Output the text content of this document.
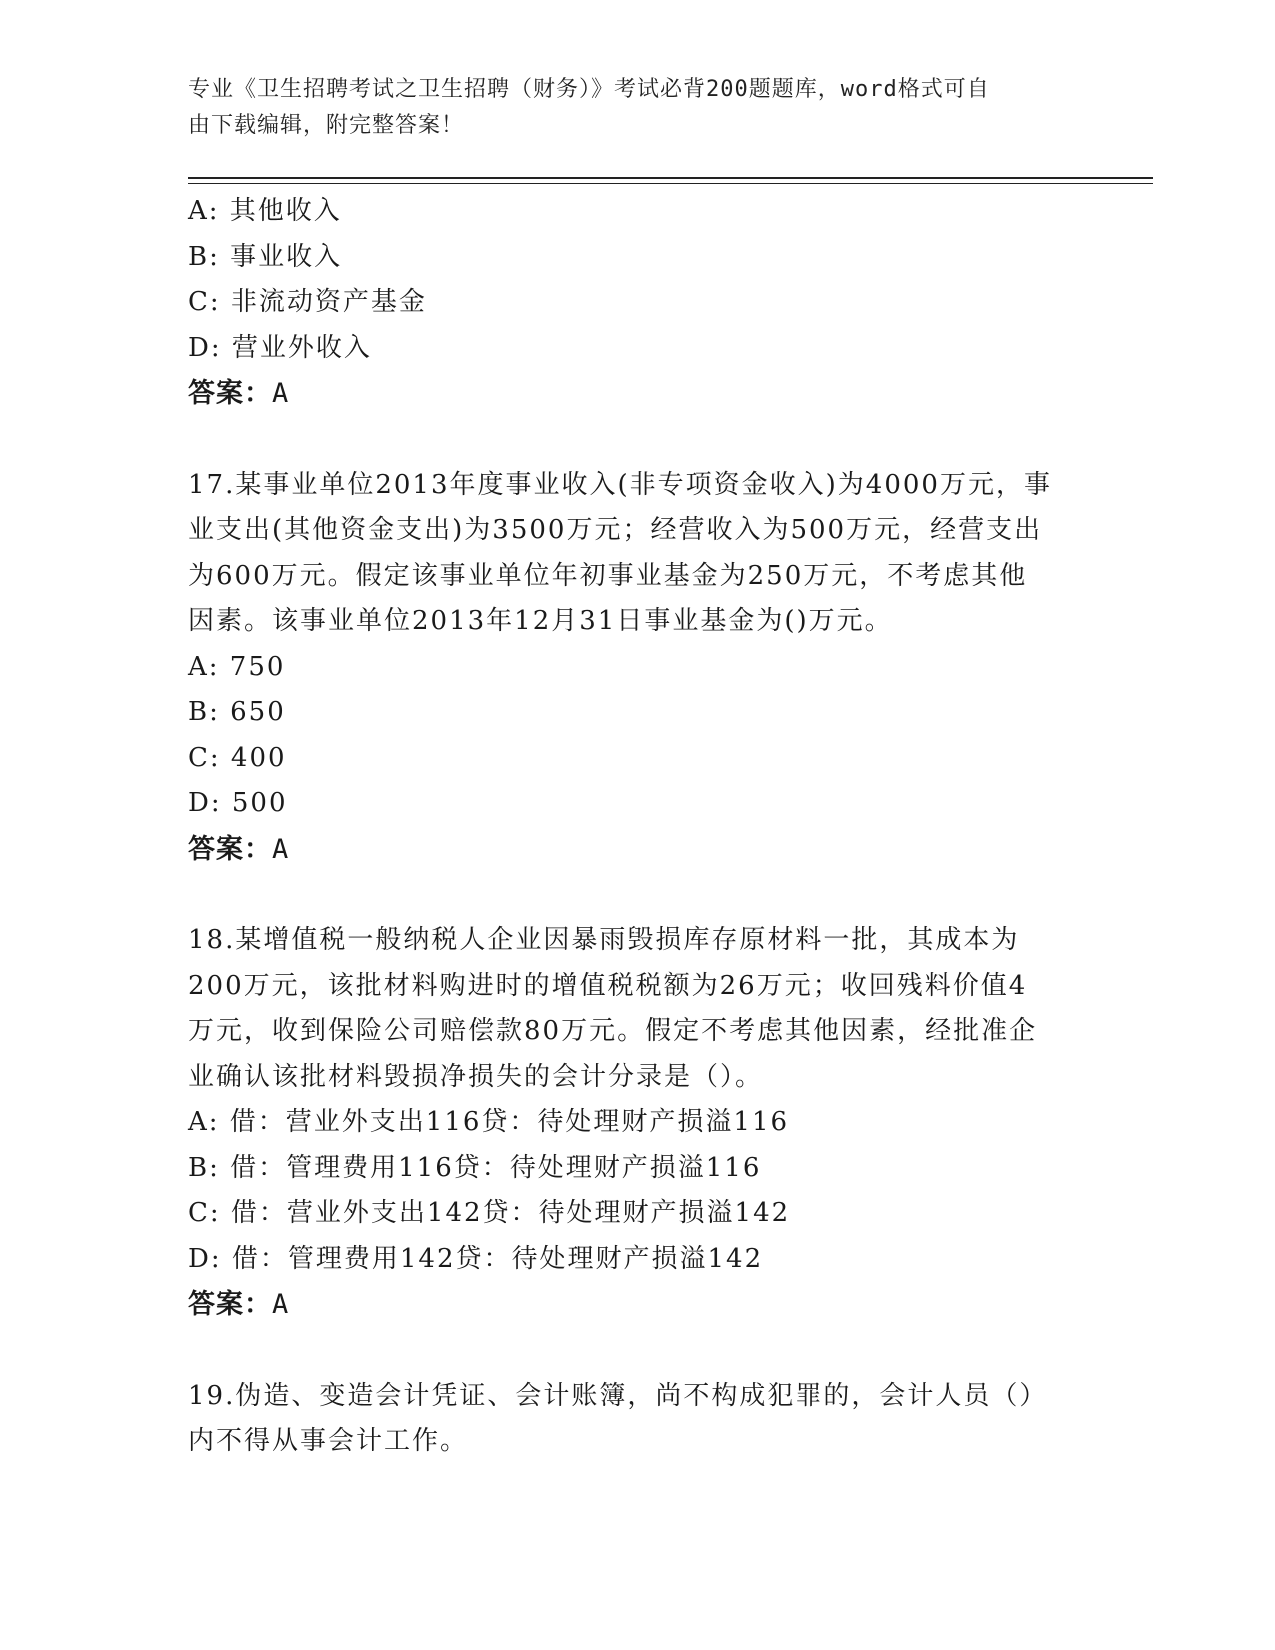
专业《卫生招聘考试之卫生招聘（财务）》考试必背200题题库，word格式可自
由下载编辑，附完整答案！
A: 其他收入
B: 事业收入
C: 非流动资产基金
D: 营业外收入
答案：A
17.某事业单位2013年度事业收入(非专项资金收入)为4000万元，事
业支出(其他资金支出)为3500万元；经营收入为500万元，经营支出
为600万元。假定该事业单位年初事业基金为250万元，不考虑其他
因素。该事业单位2013年12月31日事业基金为()万元。
A: 750
B: 650
C: 400
D: 500
答案：A
18.某增值税一般纳税人企业因暴雨毁损库存原材料一批，其成本为
200万元，该批材料购进时的增值税税额为26万元；收回残料价值4
万元，收到保险公司赔偿款80万元。假定不考虑其他因素，经批准企
业确认该批材料毁损净损失的会计分录是（）。
A: 借：营业外支出116贷：待处理财产损溢116
B: 借：管理费用116贷：待处理财产损溢116
C: 借：营业外支出142贷：待处理财产损溢142
D: 借：管理费用142贷：待处理财产损溢142
答案：A
19.伪造、变造会计凭证、会计账簿，尚不构成犯罪的，会计人员（）
内不得从事会计工作。
